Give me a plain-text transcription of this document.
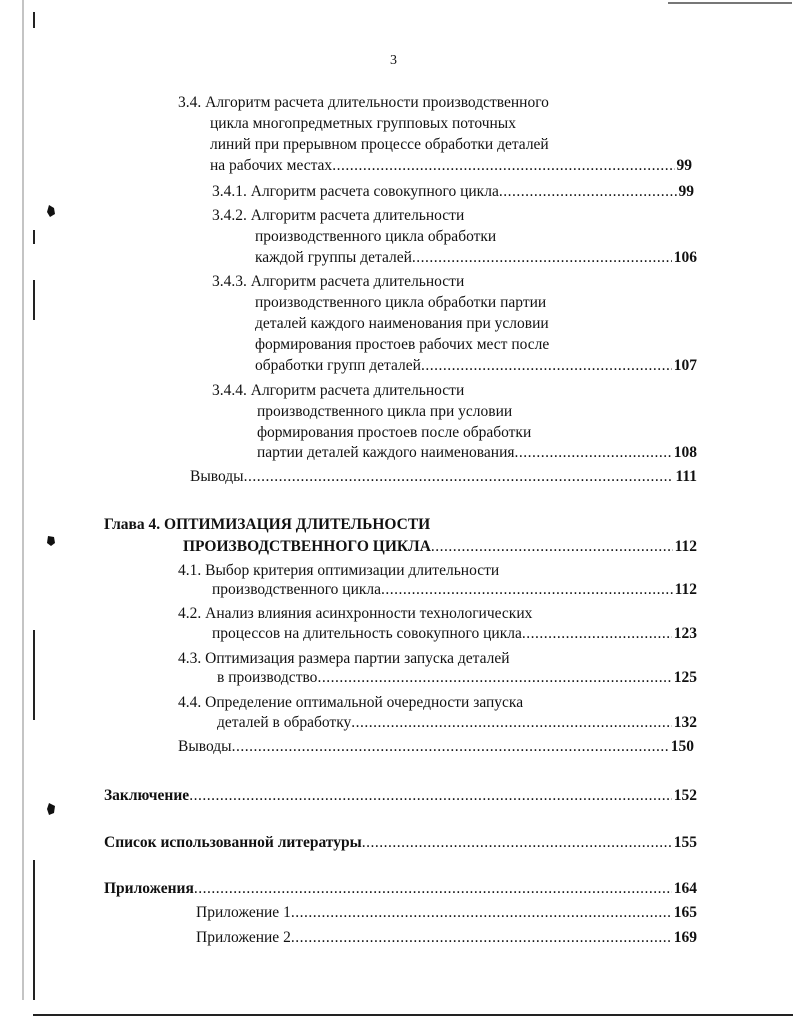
3
3.4. Алгоритм расчета длительности производственного
цикла многопредметных групповых поточных
линий при прерывном процессе обработки деталей
на рабочих местах .....	99
3.4.1. Алгоритм расчета совокупного цикла .....	99
3.4.2. Алгоритм расчета длительности
производственного цикла обработки
каждой группы деталей .....	106
3.4.3. Алгоритм расчета длительности
производственного цикла обработки партии
деталей каждого наименования при условии
формирования простоев рабочих мест после
обработки групп деталей .....	107
3.4.4. Алгоритм расчета длительности
производственного цикла при условии
формирования простоев после обработки
партии деталей каждого наименования .....	108
Выводы .....	111
Глава 4. ОПТИМИЗАЦИЯ ДЛИТЕЛЬНОСТИ
ПРОИЗВОДСТВЕННОГО ЦИКЛА .....	112
4.1. Выбор критерия оптимизации длительности
производственного цикла .....	112
4.2. Анализ влияния асинхронности технологических
процессов на длительность совокупного цикла .....	123
4.3. Оптимизация размера партии запуска деталей
в производство .....	125
4.4. Определение оптимальной очередности запуска
деталей в обработку .....	132
Выводы .....	150
Заключение .....	152
Список использованной литературы .....	155
Приложения .....	164
Приложение 1 .....	165
Приложение 2 .....	169
